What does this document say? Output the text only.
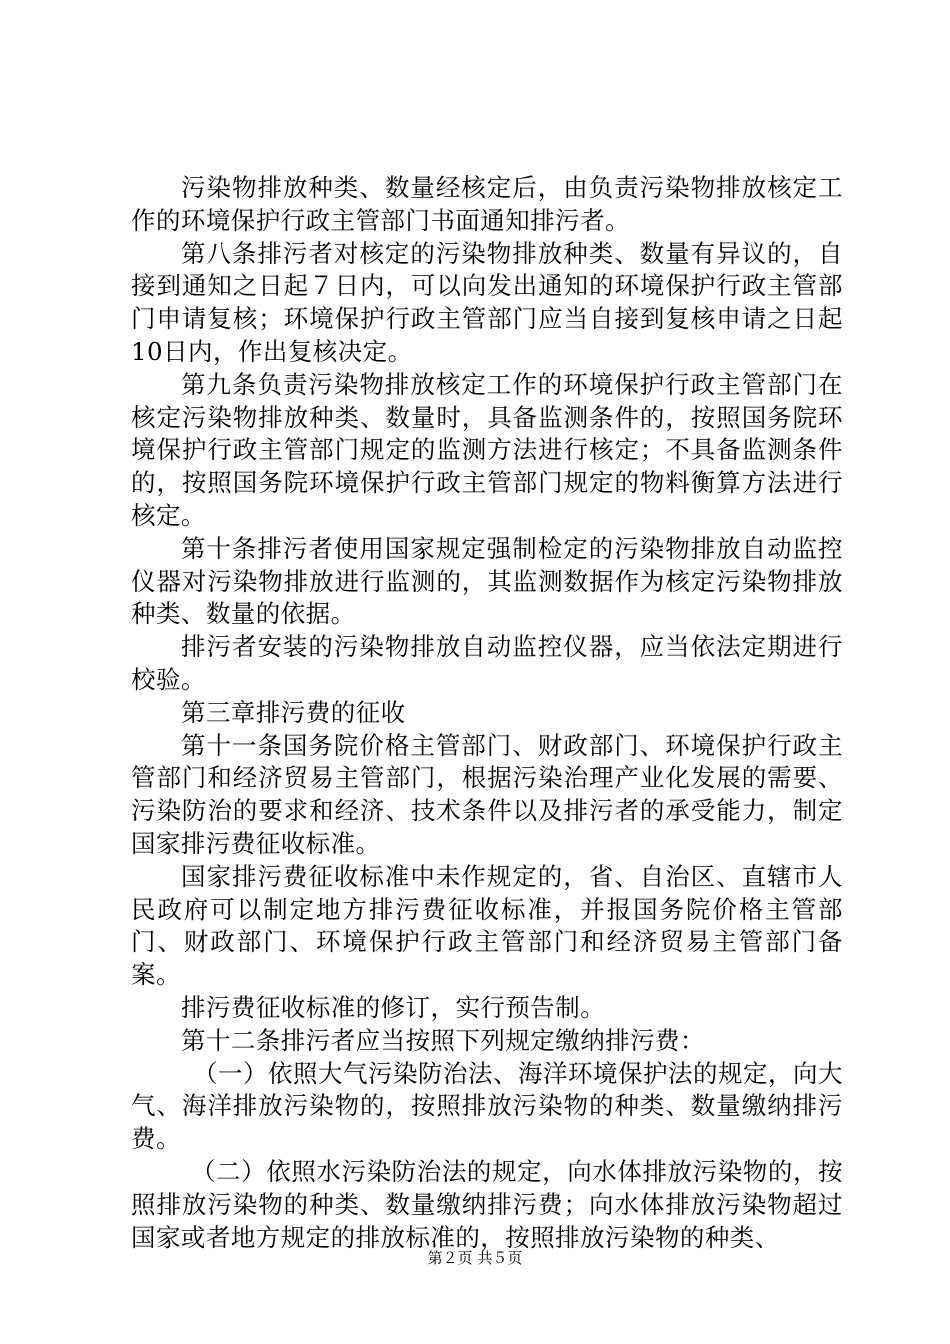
污染物排放种类、数量经核定后，由负责污染物排放核定工作的环境保护行政主管部门书面通知排污者。

第八条排污者对核定的污染物排放种类、数量有异议的，自接到通知之日起７日内，可以向发出通知的环境保护行政主管部门申请复核；环境保护行政主管部门应当自接到复核申请之日起10日内，作出复核决定。

第九条负责污染物排放核定工作的环境保护行政主管部门在核定污染物排放种类、数量时，具备监测条件的，按照国务院环境保护行政主管部门规定的监测方法进行核定；不具备监测条件的，按照国务院环境保护行政主管部门规定的物料衡算方法进行核定。

第十条排污者使用国家规定强制检定的污染物排放自动监控仪器对污染物排放进行监测的，其监测数据作为核定污染物排放种类、数量的依据。

排污者安装的污染物排放自动监控仪器，应当依法定期进行校验。

第三章排污费的征收

第十一条国务院价格主管部门、财政部门、环境保护行政主管部门和经济贸易主管部门，根据污染治理产业化发展的需要、污染防治的要求和经济、技术条件以及排污者的承受能力，制定国家排污费征收标准。

国家排污费征收标准中未作规定的，省、自治区、直辖市人民政府可以制定地方排污费征收标准，并报国务院价格主管部门、财政部门、环境保护行政主管部门和经济贸易主管部门备案。

排污费征收标准的修订，实行预告制。

第十二条排污者应当按照下列规定缴纳排污费：

（一）依照大气污染防治法、海洋环境保护法的规定，向大气、海洋排放污染物的，按照排放污染物的种类、数量缴纳排污费。

（二）依照水污染防治法的规定，向水体排放污染物的，按照排放污染物的种类、数量缴纳排污费；向水体排放污染物超过国家或者地方规定的排放标准的，按照排放污染物的种类、

第２页 共５页
